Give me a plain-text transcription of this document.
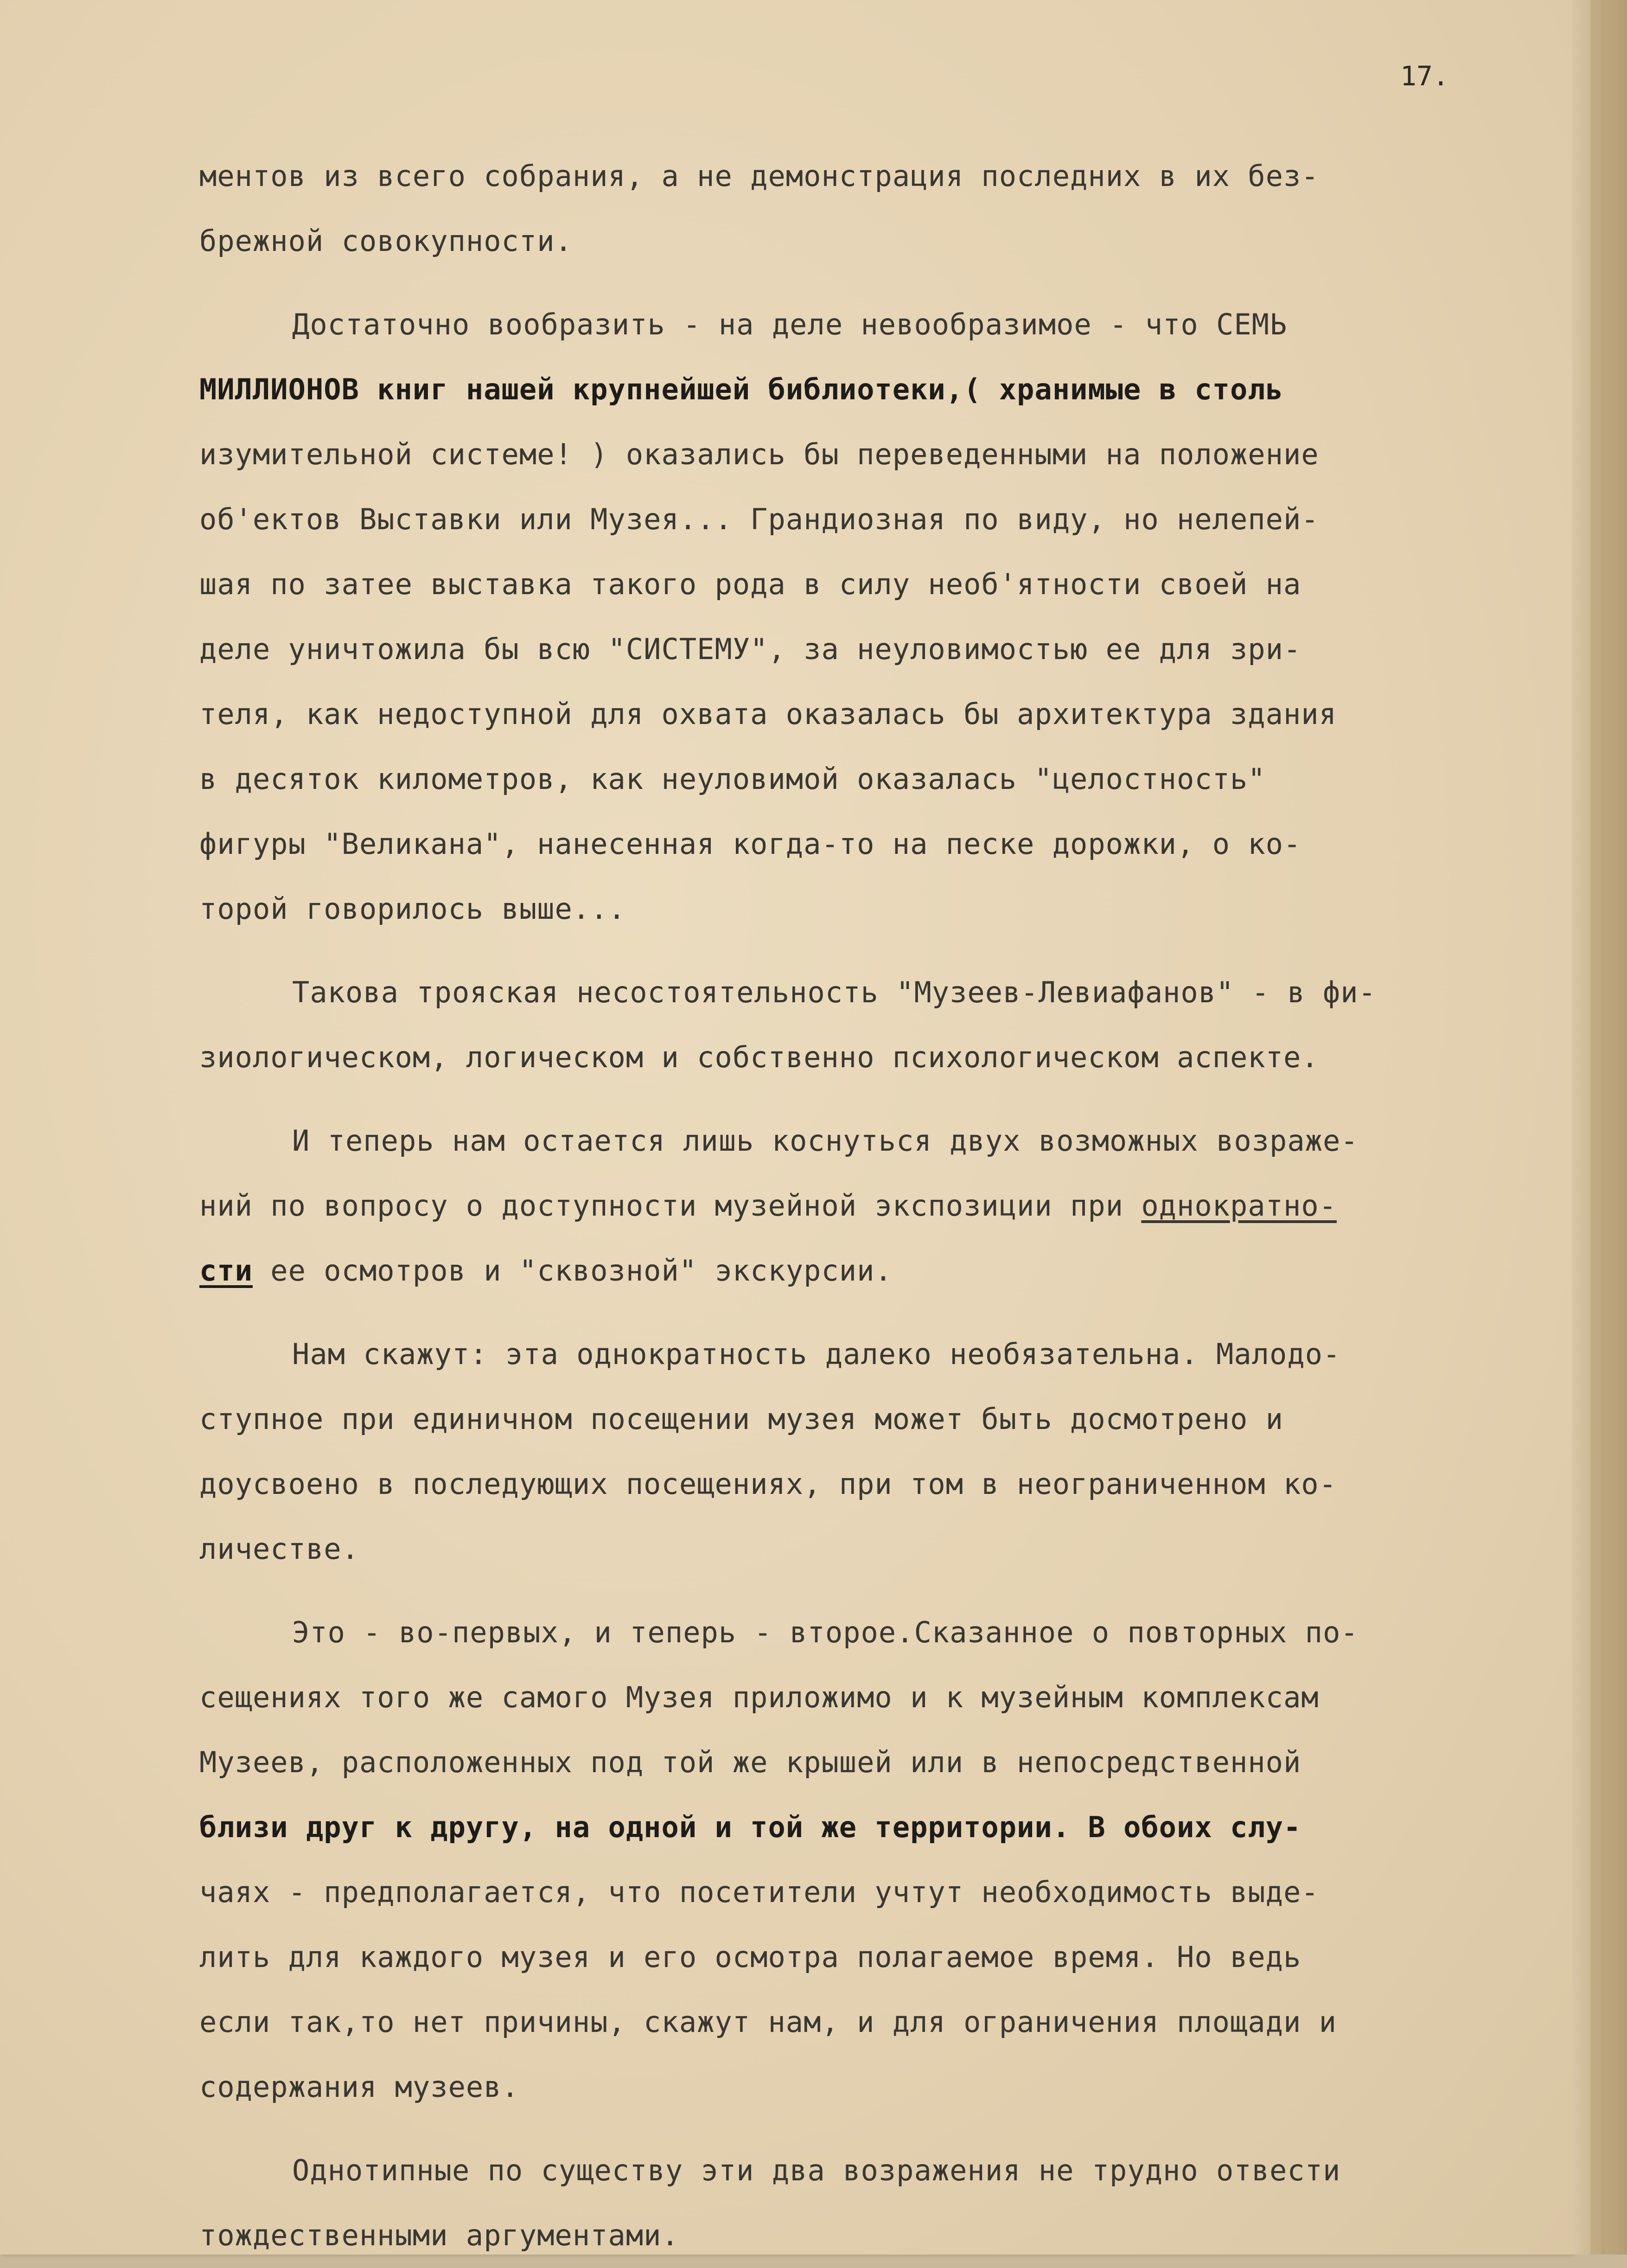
17.
ментов из всего собрания, а не демонстрация последних в их без-
брежной совокупности.
Достаточно вообразить - на деле невообразимое - что СЕМЬ
МИЛЛИОНОВ книг нашей крупнейшей библиотеки,( хранимые в столь
изумительной системе! ) оказались бы переведенными на положение
об'ектов Выставки или Музея... Грандиозная по виду, но нелепей-
шая по затее выставка такого рода в силу необ'ятности своей на
деле уничтожила бы всю "СИСТЕМУ", за неуловимостью ее для зри-
теля, как недоступной для охвата оказалась бы архитектура здания
в десяток километров, как неуловимой оказалась "целостность"
фигуры "Великана", нанесенная когда-то на песке дорожки, о ко-
торой говорилось выше...
Такова трояская несостоятельность "Музеев-Левиафанов" - в фи-
зиологическом, логическом и собственно психологическом аспекте.
И теперь нам остается лишь коснуться двух возможных возраже-
ний по вопросу о доступности музейной экспозиции при однократно-
сти ее осмотров и "сквозной" экскурсии.
Нам скажут: эта однократность далеко необязательна. Малодо-
ступное при единичном посещении музея может быть досмотрено и
доусвоено в последующих посещениях, при том в неограниченном ко-
личестве.
Это - во-первых, и теперь - второе.Сказанное о повторных по-
сещениях того же самого Музея приложимо и к музейным комплексам
Музеев, расположенных под той же крышей или в непосредственной
близи друг к другу, на одной и той же территории. В обоих слу-
чаях - предполагается, что посетители учтут необходимость выде-
лить для каждого музея и его осмотра полагаемое время. Но ведь
если так,то нет причины, скажут нам, и для ограничения площади и
содержания музеев.
Однотипные по существу эти два возражения не трудно отвести
тождественными аргументами.
